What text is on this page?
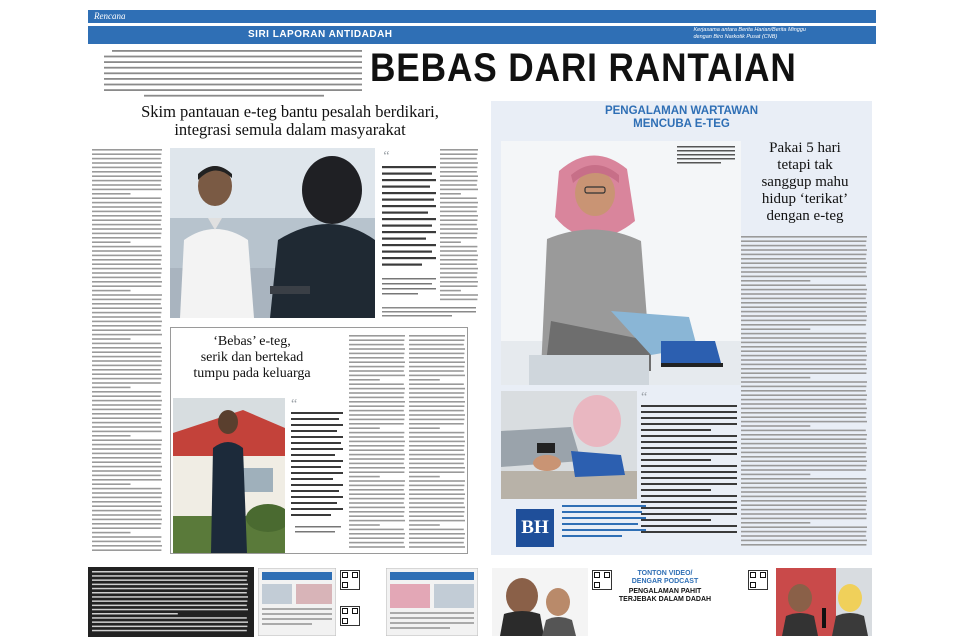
Rencana
SIRI LAPORAN ANTIDADAH	Kerjasama antara Berita Harian/Berita Minggu
dengan Biro Narkotik Pusat (CNB)
BEBAS DARI RANTAIAN
Skim pantauan e-teg bantu pesalah berdikari,
integrasi semula dalam masyarakat
“
‘Bebas’ e-teg,
serik dan bertekad
tumpu pada keluarga
“
PENGALAMAN WARTAWAN
MENCUBA E-TEG
Pakai 5 hari
tetapi tak
sanggup mahu
hidup ‘terikat’
dengan e-teg
“
BH
TONTON VIDEO/
DENGAR PODCAST
PENGALAMAN PAHIT
TERJEBAK DALAM DADAH
